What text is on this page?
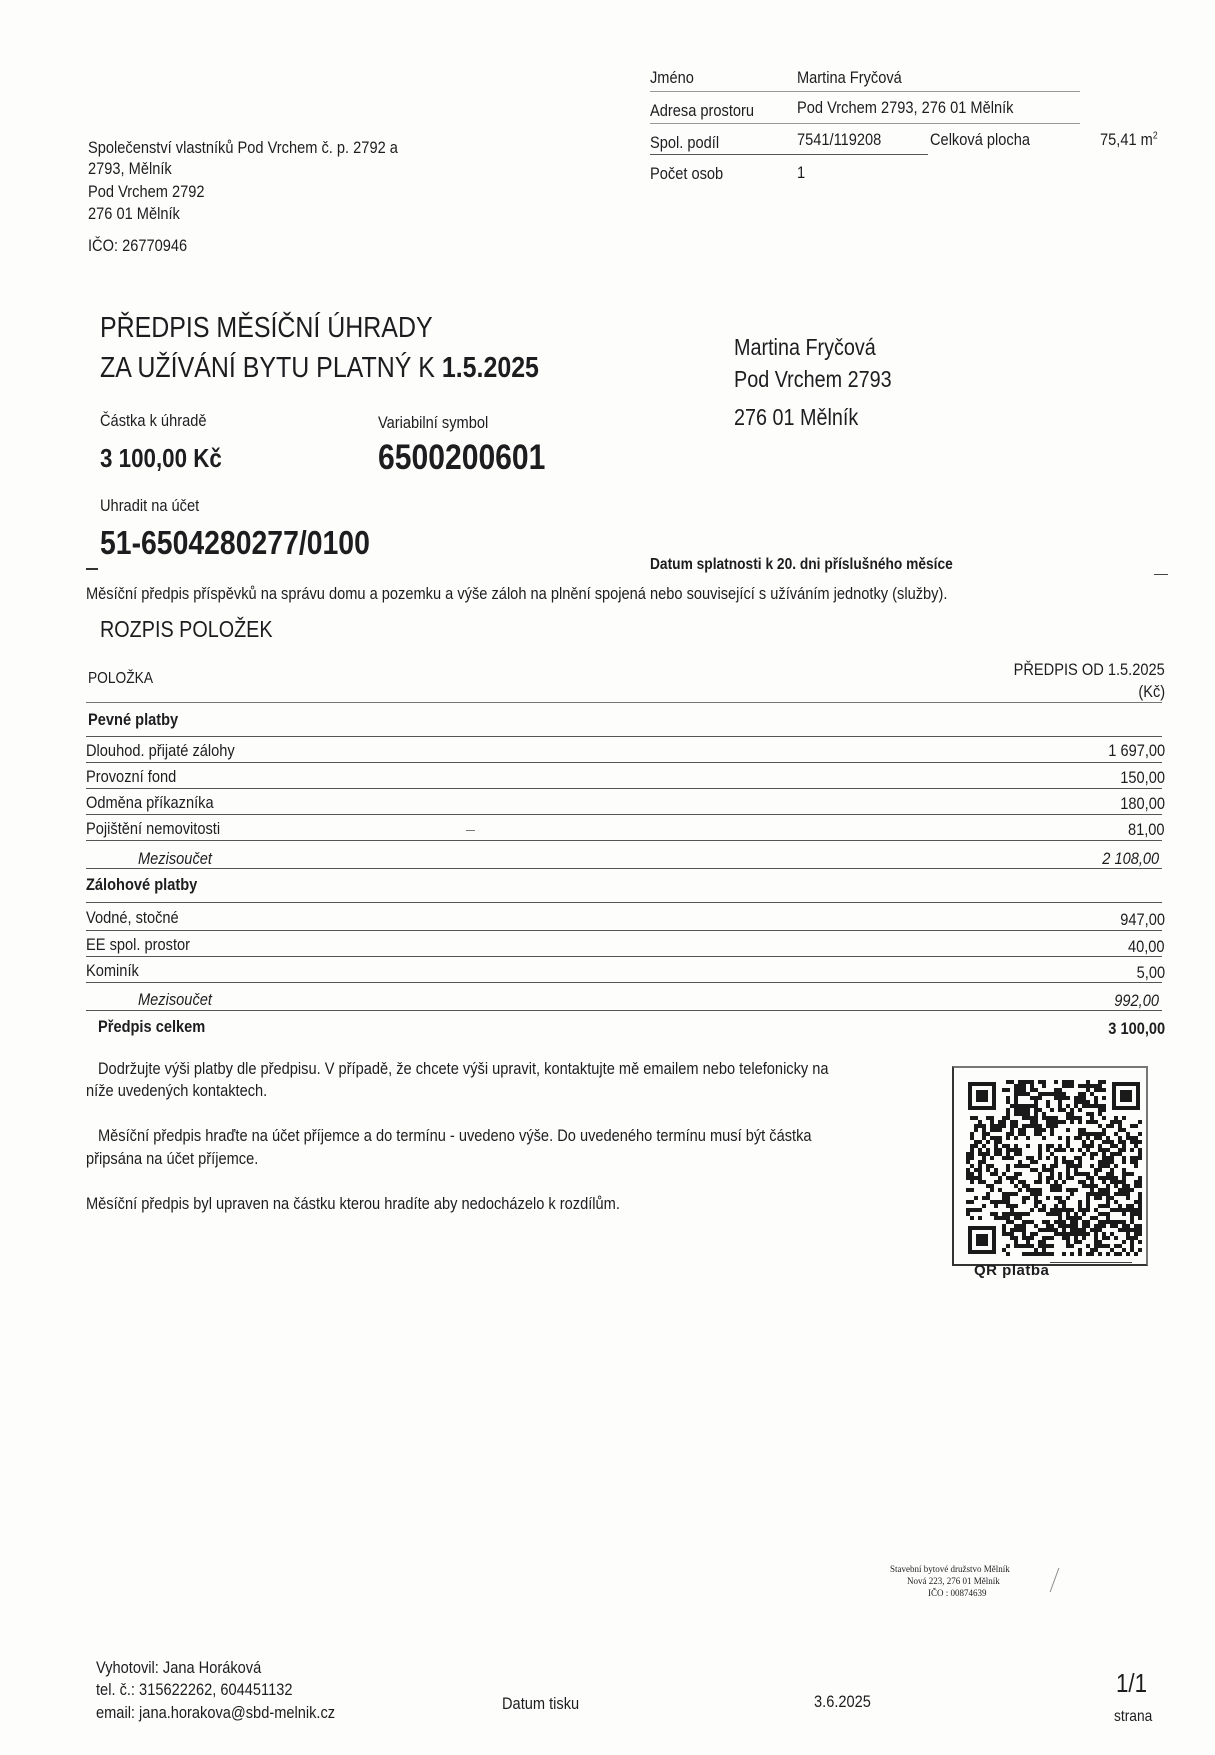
Jméno	Martina Fryčová
Adresa prostoru	Pod Vrchem 2793, 276 01 Mělník
Spol. podíl	7541/119208	Celková plocha	75,41 $m^2$
Počet osob	1
Společenství vlastníků Pod Vrchem č. p. 2792 a
2793, Mělník
Pod Vrchem 2792
276 01 Mělník
IČO: 26770946
PŘEDPIS MĚSÍČNÍ ÚHRADY
ZA UŽÍVÁNÍ BYTU PLATNÝ K 1.5.2025
Částka k úhradě
3 100,00 Kč
Variabilní symbol
6500200601
Uhradit na účet
51-6504280277/0100
Datum splatnosti k 20. dni příslušného měsíce
Martina Fryčová
Pod Vrchem 2793
276 01 Mělník
Měsíční předpis příspěvků na správu domu a pozemku a výše záloh na plnění spojená nebo související s užíváním jednotky (služby).
ROZPIS POLOŽEK
POLOŽKA	PŘEDPIS OD 1.5.2025
(Kč)
Pevné platby
Dlouhod. přijaté zálohy	1 697,00
Provozní fond	150,00
Odměna příkazníka	180,00
Pojištění nemovitosti	81,00
Mezisoučet	2 108,00
Zálohové platby
Vodné, stočné	947,00
EE spol. prostor	40,00
Kominík	5,00
Mezisoučet	992,00
Předpis celkem	3 100,00
Dodržujte výši platby dle předpisu. V případě, že chcete výši upravit, kontaktujte mě emailem nebo telefonicky na
níže uvedených kontaktech.
Měsíční předpis hraďte na účet příjemce a do termínu - uvedeno výše. Do uvedeného termínu musí být částka
připsána na účet příjemce.
Měsíční předpis byl upraven na částku kterou hradíte aby nedocházelo k rozdílům.
QR platba
Stavební bytové družstvo Mělník
Nová 223, 276 01 Mělník
IČO : 00874639
Vyhotovil: Jana Horáková
tel. č.: 315622262, 604451132
email: jana.horakova@sbd-melnik.cz	Datum tisku	3.6.2025
1/1
strana
